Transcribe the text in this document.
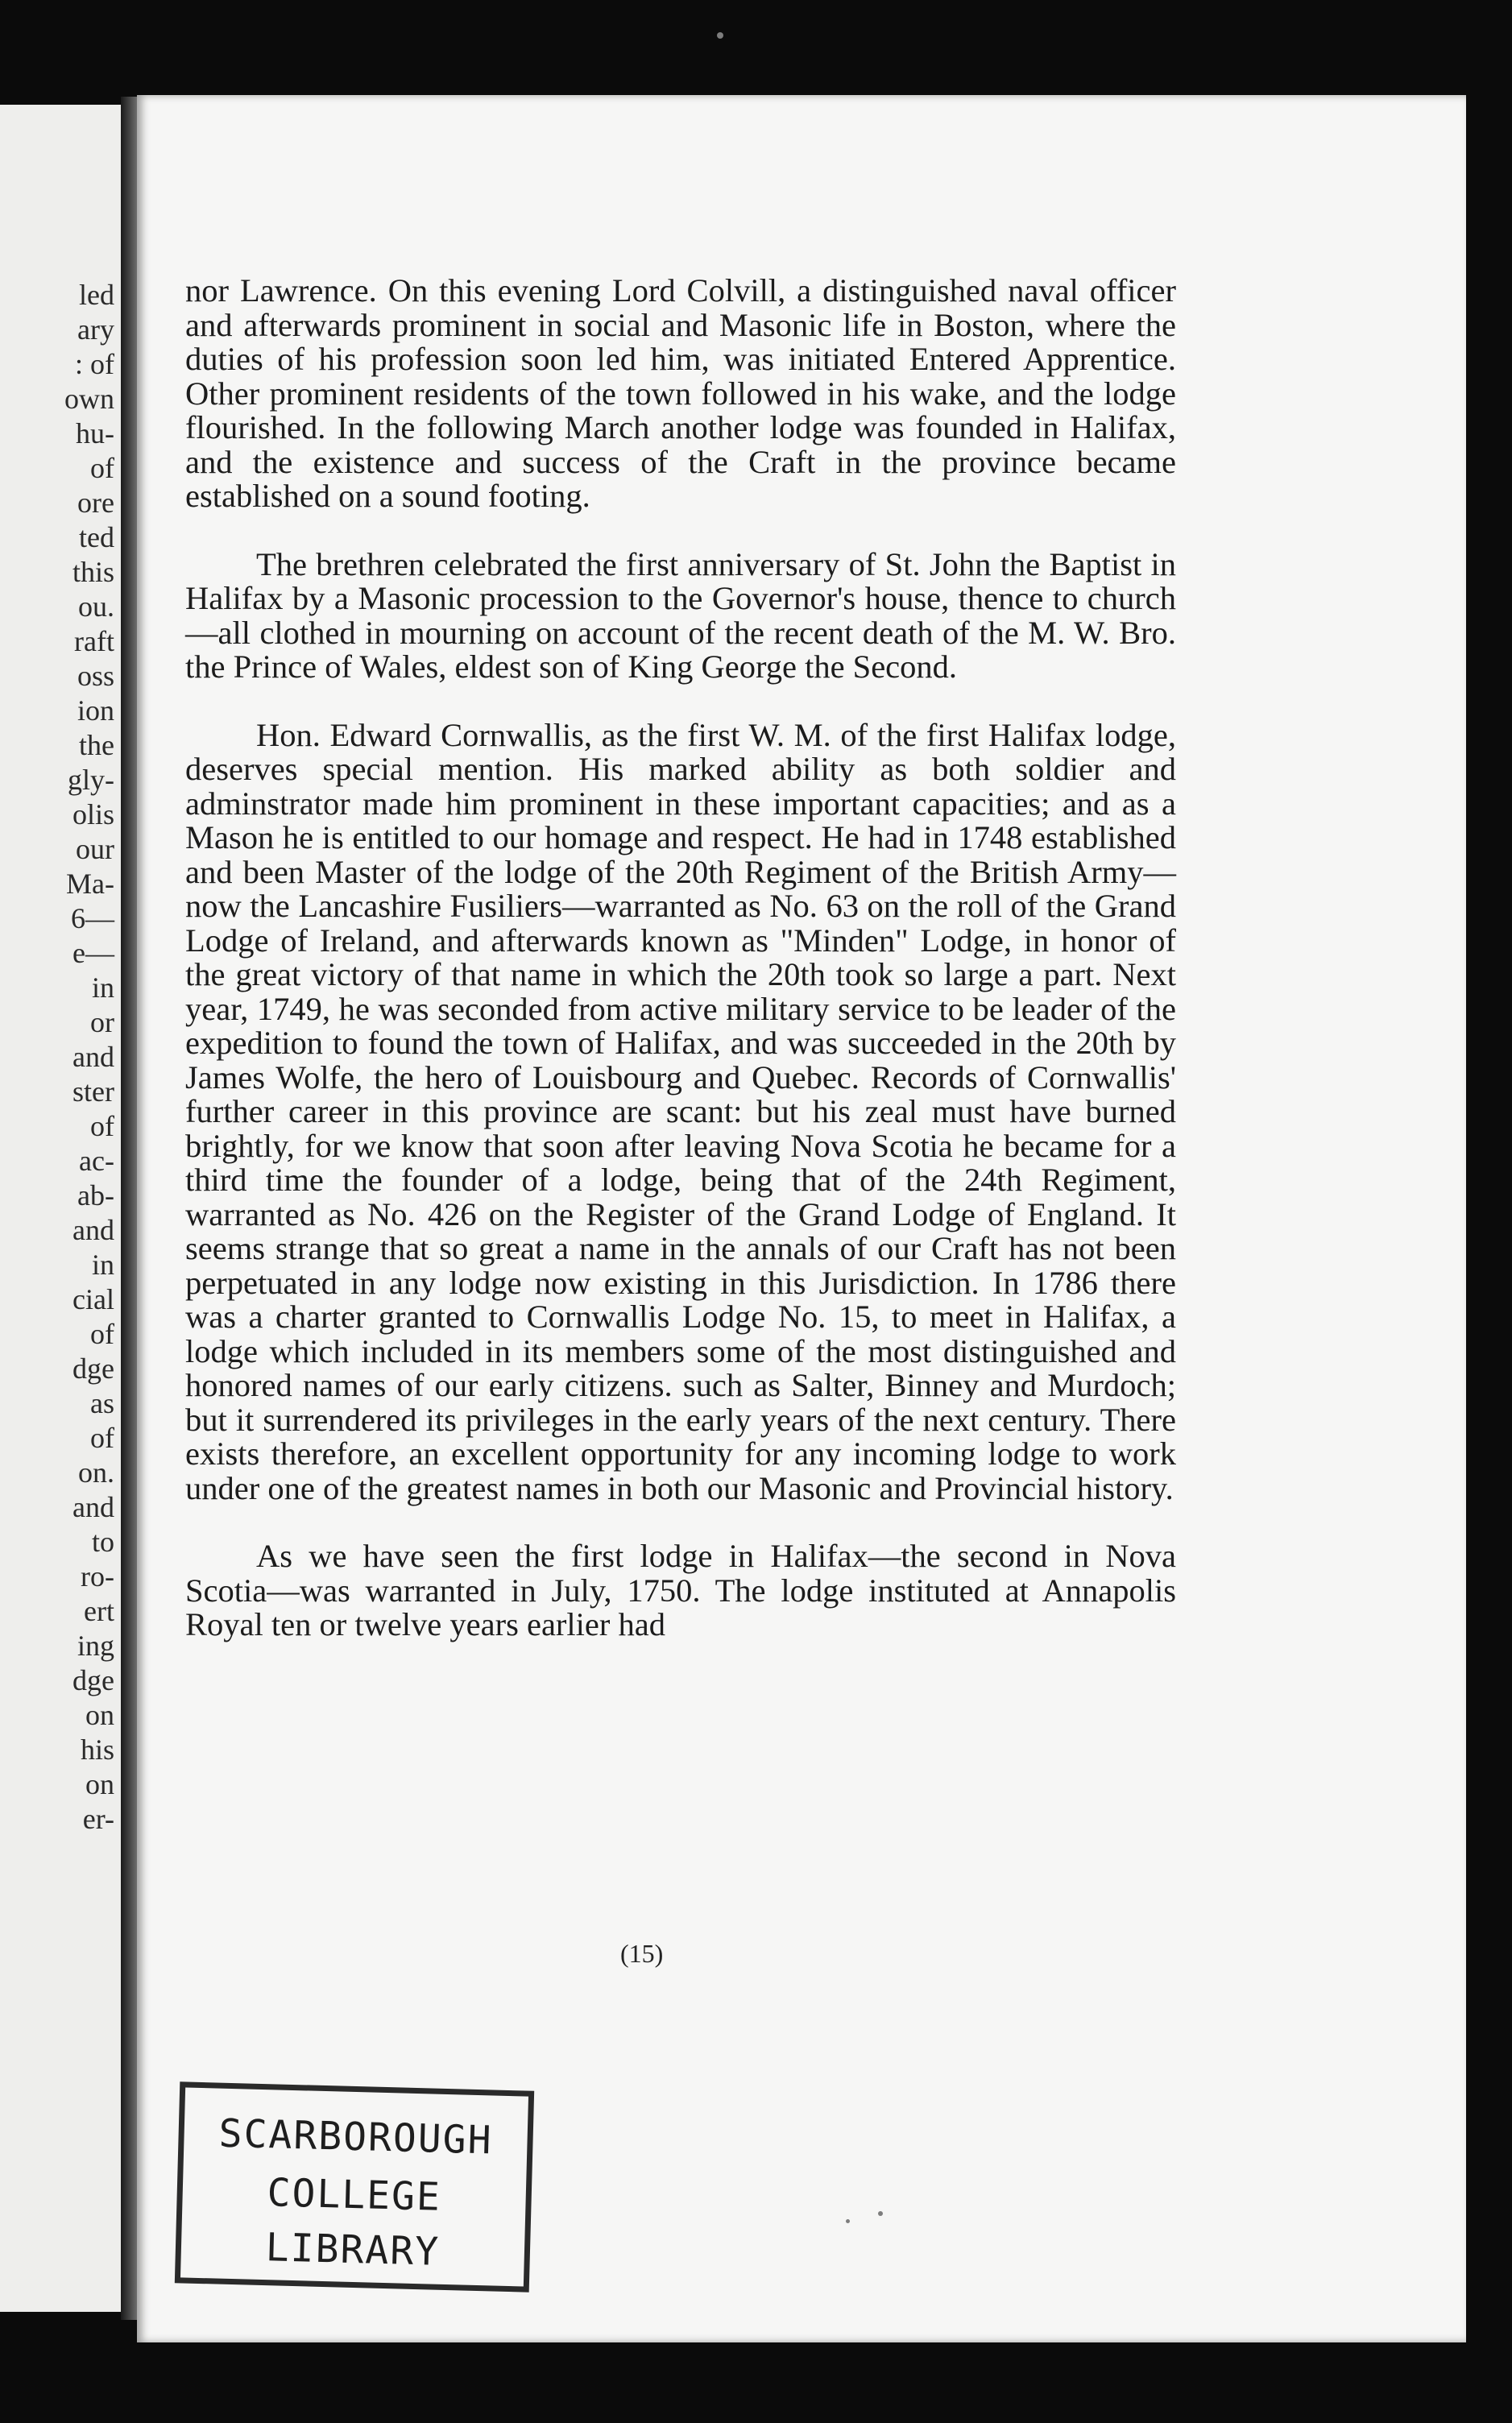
led
ary
: of
own
hu-
of
ore
ted
this
ou.
raft
oss
ion
the
gly-
olis
our
Ma-
6—
e—
in
or
and
ster
of
ac-
ab-
and
in
cial
of
dge
as
of
on.
and
to
ro-
ert
ing
dge
on
his
on
er-

nor Lawrence. On this evening Lord Colvill, a distinguished naval officer and afterwards prominent in social and Masonic life in Boston, where the duties of his profession soon led him, was initiated Entered Apprentice. Other prominent residents of the town followed in his wake, and the lodge flourished. In the following March another lodge was founded in Halifax, and the existence and success of the Craft in the province became established on a sound footing.

The brethren celebrated the first anniversary of St. John the Baptist in Halifax by a Masonic procession to the Governor's house, thence to church—all clothed in mourning on account of the recent death of the M. W. Bro. the Prince of Wales, eldest son of King George the Second.

Hon. Edward Cornwallis, as the first W. M. of the first Halifax lodge, deserves special mention. His marked ability as both soldier and adminstrator made him prominent in these important capacities; and as a Mason he is entitled to our homage and respect. He had in 1748 established and been Master of the lodge of the 20th Regiment of the British Army—now the Lancashire Fusiliers—warranted as No. 63 on the roll of the Grand Lodge of Ireland, and afterwards known as "Minden" Lodge, in honor of the great victory of that name in which the 20th took so large a part. Next year, 1749, he was seconded from active military service to be leader of the expedition to found the town of Halifax, and was succeeded in the 20th by James Wolfe, the hero of Louisbourg and Quebec. Records of Cornwallis' further career in this province are scant: but his zeal must have burned brightly, for we know that soon after leaving Nova Scotia he became for a third time the founder of a lodge, being that of the 24th Regiment, warranted as No. 426 on the Register of the Grand Lodge of England. It seems strange that so great a name in the annals of our Craft has not been perpetuated in any lodge now existing in this Jurisdiction. In 1786 there was a charter granted to Cornwallis Lodge No. 15, to meet in Halifax, a lodge which included in its members some of the most distinguished and honored names of our early citizens. such as Salter, Binney and Murdoch; but it surrendered its privileges in the early years of the next century. There exists therefore, an excellent opportunity for any incoming lodge to work under one of the greatest names in both our Masonic and Provincial history.

As we have seen the first lodge in Halifax—the second in Nova Scotia—was warranted in July, 1750. The lodge instituted at Annapolis Royal ten or twelve years earlier had

(15)
SCARBOROUGH
COLLEGE
LIBRARY
